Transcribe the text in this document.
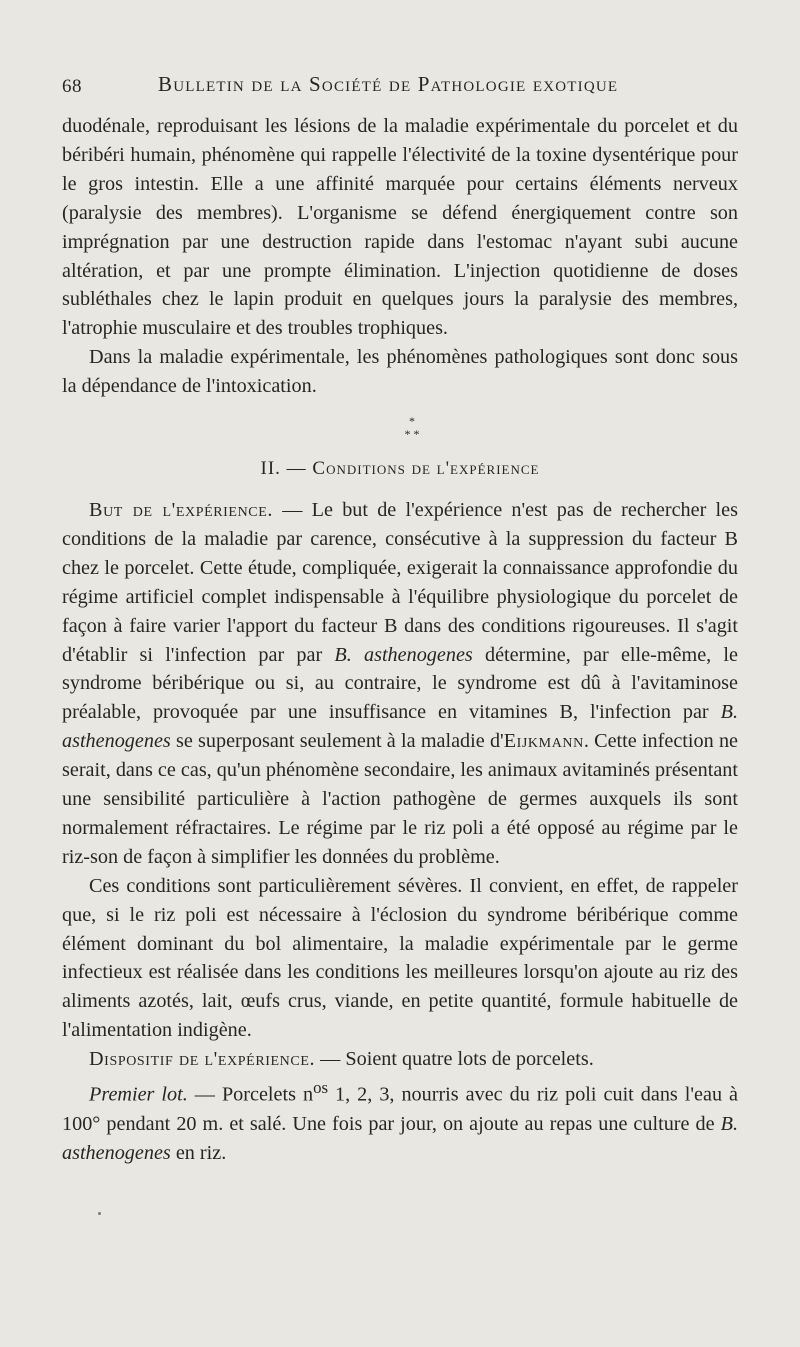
68	Bulletin de la Société de Pathologie exotique

duodénale, reproduisant les lésions de la maladie expérimentale du porcelet et du béribéri humain, phénomène qui rappelle l'électivité de la toxine dysentérique pour le gros intestin. Elle a une affinité marquée pour certains éléments nerveux (paralysie des membres). L'organisme se défend énergiquement contre son imprégnation par une destruction rapide dans l'estomac n'ayant subi aucune altération, et par une prompte élimination. L'injection quotidienne de doses subléthales chez le lapin produit en quelques jours la paralysie des membres, l'atrophie musculaire et des troubles trophiques.

Dans la maladie expérimentale, les phénomènes pathologiques sont donc sous la dépendance de l'intoxication.

*
* *
II. — Conditions de l'expérience

But de l'expérience. — Le but de l'expérience n'est pas de rechercher les conditions de la maladie par carence, consécutive à la suppression du facteur B chez le porcelet. Cette étude, compliquée, exigerait la connaissance approfondie du régime artificiel complet indispensable à l'équilibre physiologique du porcelet de façon à faire varier l'apport du facteur B dans des conditions rigoureuses. Il s'agit d'établir si l'infection par par B. asthenogenes détermine, par elle-même, le syndrome béribérique ou si, au contraire, le syndrome est dû à l'avitaminose préalable, provoquée par une insuffisance en vitamines B, l'infection par B. asthenogenes se superposant seulement à la maladie d'Eijkmann. Cette infection ne serait, dans ce cas, qu'un phénomène secondaire, les animaux avitaminés présentant une sensibilité particulière à l'action pathogène de germes auxquels ils sont normalement réfractaires. Le régime par le riz poli a été opposé au régime par le riz-son de façon à simplifier les données du problème.

Ces conditions sont particulièrement sévères. Il convient, en effet, de rappeler que, si le riz poli est nécessaire à l'éclosion du syndrome béribérique comme élément dominant du bol alimentaire, la maladie expérimentale par le germe infectieux est réalisée dans les conditions les meilleures lorsqu'on ajoute au riz des aliments azotés, lait, œufs crus, viande, en petite quantité, formule habituelle de l'alimentation indigène.

Dispositif de l'expérience. — Soient quatre lots de porcelets.

Premier lot. — Porcelets $n^{os}$ 1, 2, 3, nourris avec du riz poli cuit dans l'eau à 100° pendant 20 m. et salé. Une fois par jour, on ajoute au repas une culture de B. asthenogenes en riz.
